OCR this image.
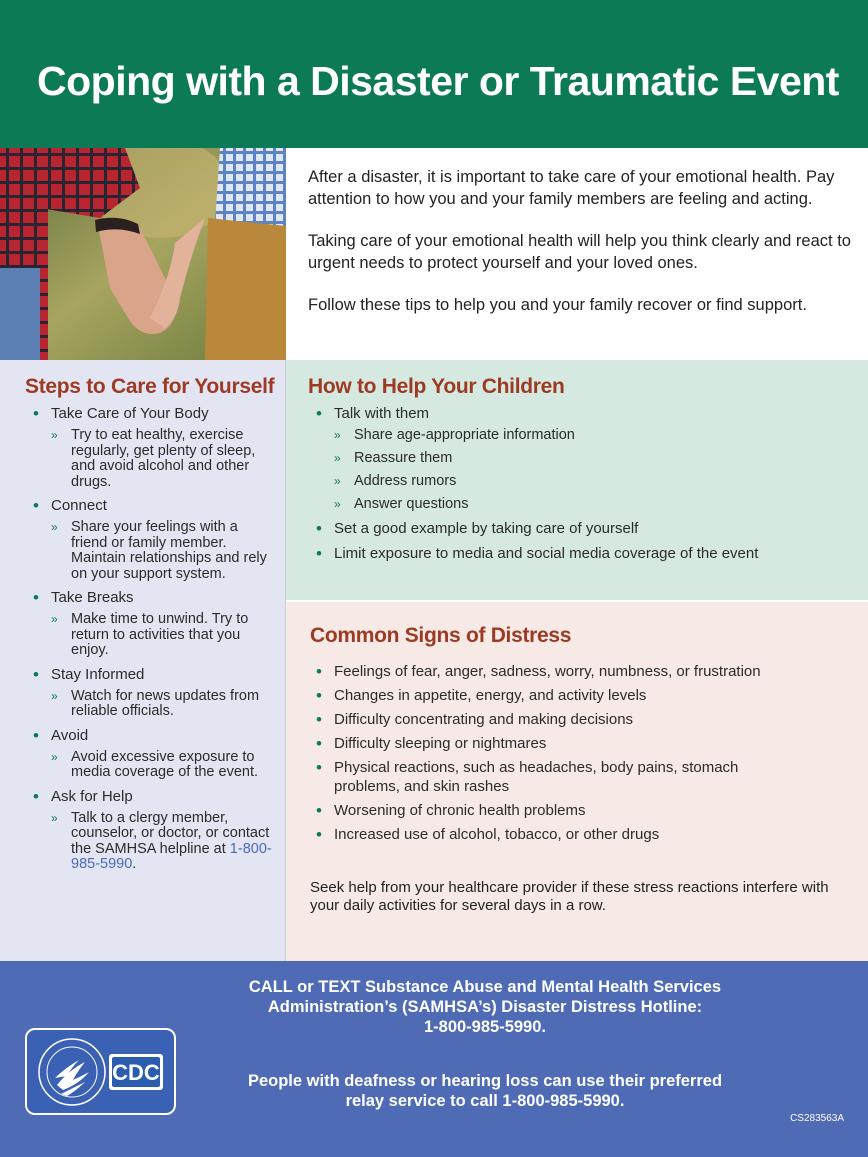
Coping with a Disaster or Traumatic Event

After a disaster, it is important to take care of your emotional health. Pay attention to how you and your family members are feeling and acting.

Taking care of your emotional health will help you think clearly and react to urgent needs to protect yourself and your loved ones.

Follow these tips to help you and your family recover or find support.

Steps to Care for Yourself
• Take Care of Your Body
» Try to eat healthy, exercise regularly, get plenty of sleep, and avoid alcohol and other drugs.
• Connect
» Share your feelings with a friend or family member. Maintain relationships and rely on your support system.
• Take Breaks
» Make time to unwind. Try to return to activities that you enjoy.
• Stay Informed
» Watch for news updates from reliable officials.
• Avoid
» Avoid excessive exposure to media coverage of the event.
• Ask for Help
» Talk to a clergy member, counselor, or doctor, or contact the SAMHSA helpline at 1-800-985-5990.
How to Help Your Children
• Talk with them
» Share age-appropriate information
» Reassure them
» Address rumors
» Answer questions
• Set a good example by taking care of yourself
• Limit exposure to media and social media coverage of the event
Common Signs of Distress
• Feelings of fear, anger, sadness, worry, numbness, or frustration
• Changes in appetite, energy, and activity levels
• Difficulty concentrating and making decisions
• Difficulty sleeping or nightmares
• Physical reactions, such as headaches, body pains, stomach problems, and skin rashes
• Worsening of chronic health problems
• Increased use of alcohol, tobacco, or other drugs
Seek help from your healthcare provider if these stress reactions interfere with your daily activities for several days in a row.
CDC
CALL or TEXT Substance Abuse and Mental Health Services
Administration’s (SAMHSA’s) Disaster Distress Hotline:
1-800-985-5990.
People with deafness or hearing loss can use their preferred
relay service to call 1-800-985-5990.
CS283563A
